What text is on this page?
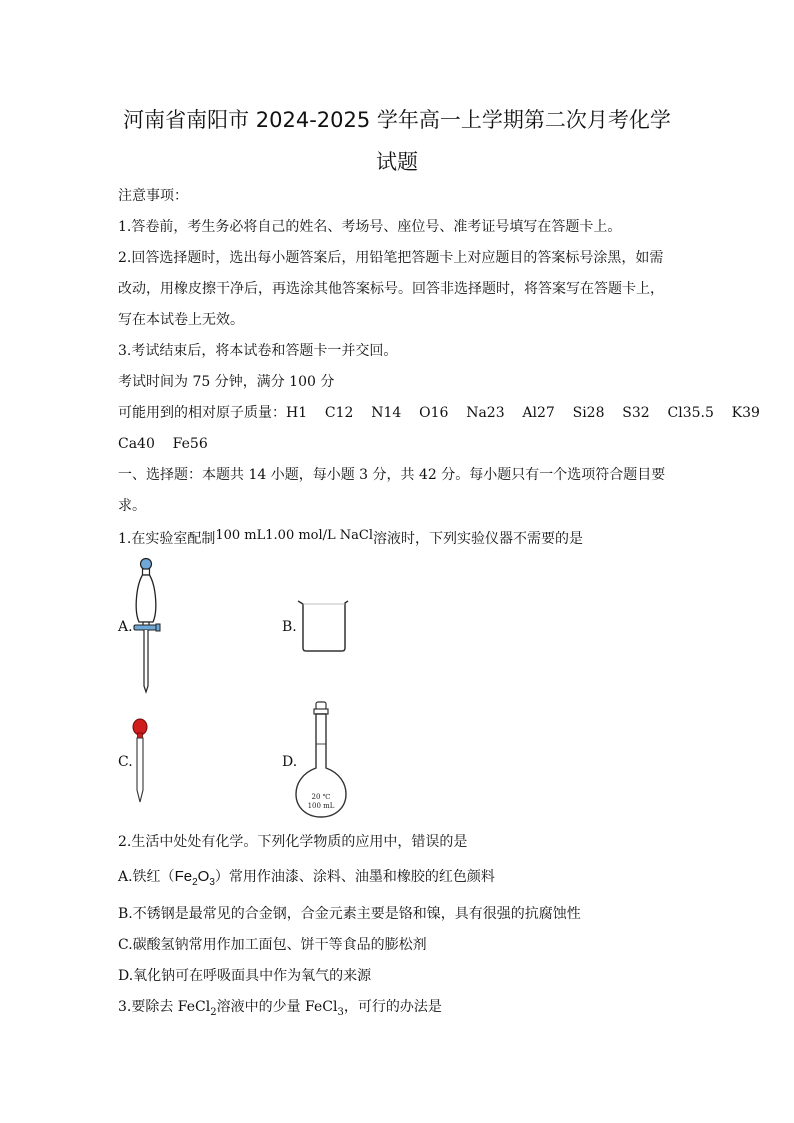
河南省南阳市 2024-2025 学年高一上学期第二次月考化学
试题
注意事项：
1.答卷前，考生务必将自己的姓名、考场号、座位号、准考证号填写在答题卡上。
2.回答选择题时，选出每小题答案后，用铅笔把答题卡上对应题目的答案标号涂黑，如需
改动，用橡皮擦干净后，再选涂其他答案标号。回答非选择题时，将答案写在答题卡上，
写在本试卷上无效。
3.考试结束后，将本试卷和答题卡一并交回。
考试时间为 75 分钟，满分 100 分
可能用到的相对原子质量：H1    C12    N14    O16    Na23    Al27    Si28    S32    Cl35.5    K39
Ca40    Fe56
一、选择题：本题共 14 小题，每小题 3 分，共 42 分。每小题只有一个选项符合题目要
求。
1.在实验室配制100 mL1.00 mol/L NaCl溶液时，下列实验仪器不需要的是
A.	B.
C.	D.
20 ℃
100 mL
2.生活中处处有化学。下列化学物质的应用中，错误的是
A.铁红$(Fe_2O_3)$常用作油漆、涂料、油墨和橡胶的红色颜料
B.不锈钢是最常见的合金钢，合金元素主要是铬和镍，具有很强的抗腐蚀性
C.碳酸氢钠常用作加工面包、饼干等食品的膨松剂
D.氧化钠可在呼吸面具中作为氧气的来源
3.要除去 FeCl$_2$溶液中的少量 FeCl$_3$，可行的办法是
